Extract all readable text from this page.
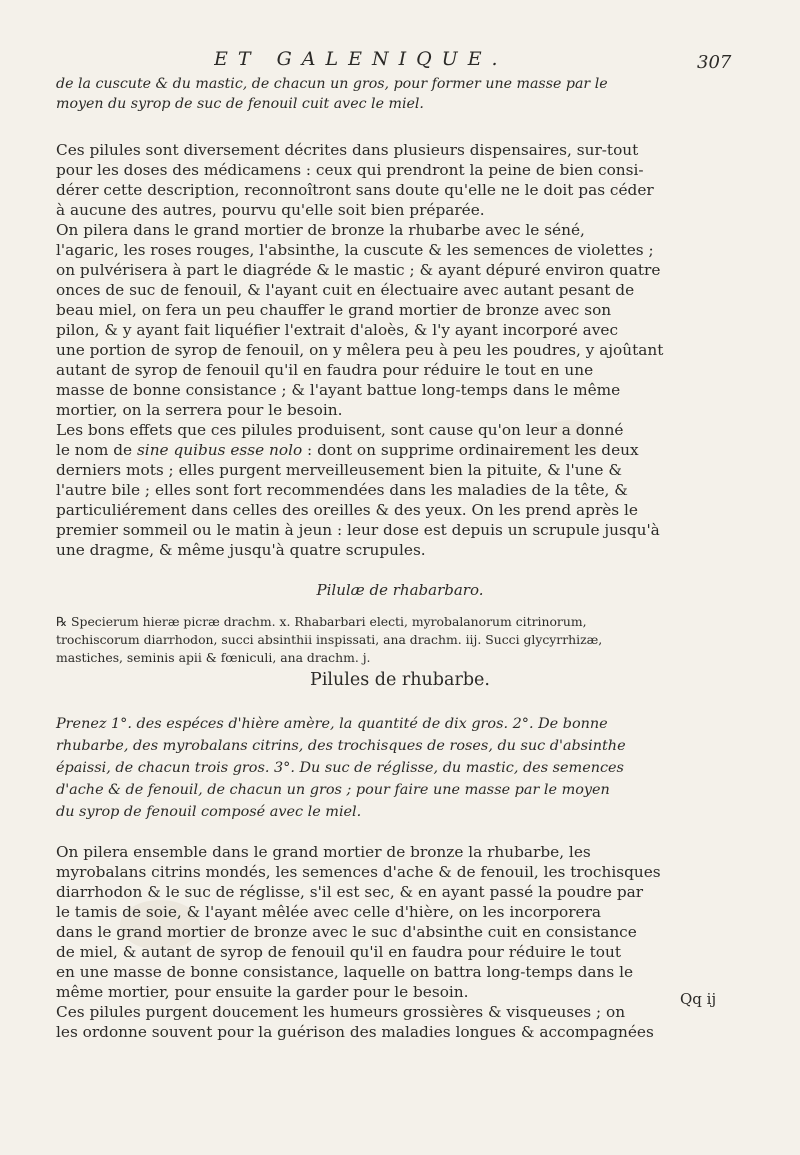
ET GALENIQUE.	307

de la cuscute & du mastic, de chacun un gros, pour former une masse par le
moyen du syrop de suc de fenouil cuit avec le miel.

Ces pilules sont diversement décrites dans plusieurs dispensaires, sur-tout
pour les doses des médicamens : ceux qui prendront la peine de bien consi-
dérer cette description, reconnoîtront sans doute qu'elle ne le doit pas céder
à aucune des autres, pourvu qu'elle soit bien préparée.
On pilera dans le grand mortier de bronze la rhubarbe avec le séné,
l'agaric, les roses rouges, l'absinthe, la cuscute & les semences de violettes ;
on pulvérisera à part le diagréde & le mastic ; & ayant dépuré environ quatre
onces de suc de fenouil, & l'ayant cuit en électuaire avec autant pesant de
beau miel, on fera un peu chauffer le grand mortier de bronze avec son
pilon, & y ayant fait liquéfier l'extrait d'aloès, & l'y ayant incorporé avec
une portion de syrop de fenouil, on y mêlera peu à peu les poudres, y ajoûtant
autant de syrop de fenouil qu'il en faudra pour réduire le tout en une
masse de bonne consistance ; & l'ayant battue long-temps dans le même
mortier, on la serrera pour le besoin.
Les bons effets que ces pilules produisent, sont cause qu'on leur a donné
le nom de sine quibus esse nolo : dont on supprime ordinairement les deux
derniers mots ; elles purgent merveilleusement bien la pituite, & l'une &
l'autre bile ; elles sont fort recommendées dans les maladies de la tête, &
particuliérement dans celles des oreilles & des yeux. On les prend après le
premier sommeil ou le matin à jeun : leur dose est depuis un scrupule jusqu'à
une dragme, & même jusqu'à quatre scrupules.

Pilulæ de rhabarbaro.

℞ Specierum hieræ picræ drachm. x. Rhabarbari electi, myrobalanorum citrinorum,
trochiscorum diarrhodon, succi absinthii inspissati, ana drachm. iij. Succi glycyrrhizæ,
mastiches, seminis apii & fœniculi, ana drachm. j.

Pilules de rhubarbe.

Prenez 1°. des espéces d'hière amère, la quantité de dix gros. 2°. De bonne
rhubarbe, des myrobalans citrins, des trochisques de roses, du suc d'absinthe
épaissi, de chacun trois gros. 3°. Du suc de réglisse, du mastic, des semences
d'ache & de fenouil, de chacun un gros ; pour faire une masse par le moyen
du syrop de fenouil composé avec le miel.

On pilera ensemble dans le grand mortier de bronze la rhubarbe, les
myrobalans citrins mondés, les semences d'ache & de fenouil, les trochisques
diarrhodon & le suc de réglisse, s'il est sec, & en ayant passé la poudre par
le tamis de soie, & l'ayant mêlée avec celle d'hière, on les incorporera
dans le grand mortier de bronze avec le suc d'absinthe cuit en consistance
de miel, & autant de syrop de fenouil qu'il en faudra pour réduire le tout
en une masse de bonne consistance, laquelle on battra long-temps dans le
même mortier, pour ensuite la garder pour le besoin.
Ces pilules purgent doucement les humeurs grossières & visqueuses ; on
les ordonne souvent pour la guérison des maladies longues & accompagnées

Qq ij
